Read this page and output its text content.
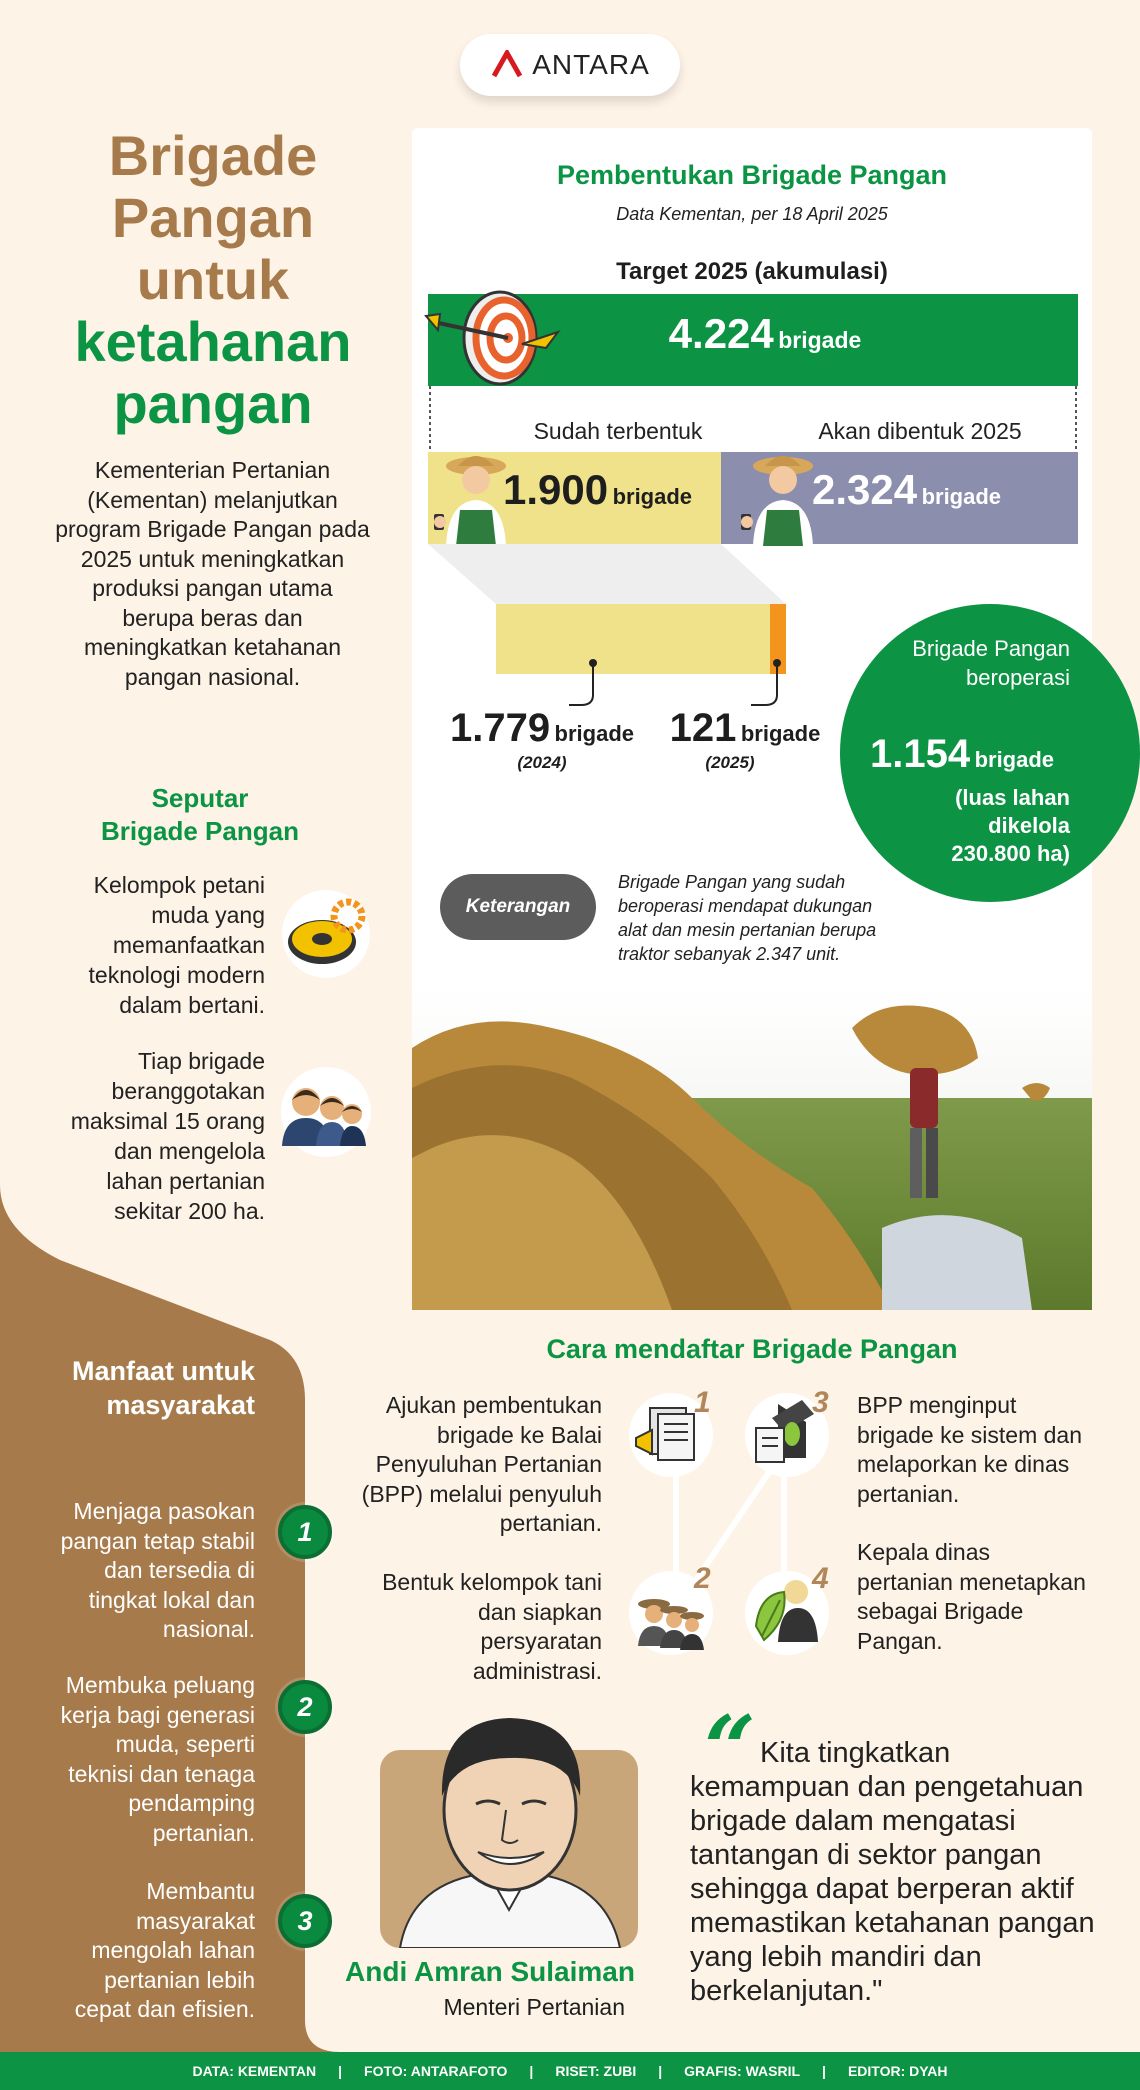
ANTARA
Brigade
Pangan
untuk
ketahanan
pangan
Kementerian Pertanian (Kementan) melanjutkan program Brigade Pangan pada 2025 untuk meningkatkan produksi pangan utama berupa beras dan meningkatkan ketahanan pangan nasional.
Seputar
Brigade Pangan
Kelompok petani muda yang memanfaatkan teknologi modern dalam bertani.
Tiap brigade beranggotakan maksimal 15 orang dan mengelola lahan pertanian sekitar 200 ha.
Manfaat untuk masyarakat
Menjaga pasokan pangan tetap stabil dan tersedia di tingkat lokal dan nasional.
1
Membuka peluang kerja bagi generasi muda, seperti teknisi dan tenaga pendamping pertanian.
2
Membantu masyarakat mengolah lahan pertanian lebih cepat dan efisien.
3
Pembentukan Brigade Pangan
Data Kementan, per 18 April 2025
Target 2025 (akumulasi)
4.224 brigade
Sudah terbentuk	Akan dibentuk 2025
1.900 brigade	2.324 brigade
1.779 brigade
(2024)
121 brigade
(2025)
Brigade Pangan beroperasi
1.154 brigade
(luas lahan dikelola 230.800 ha)
Keterangan
Brigade Pangan yang sudah beroperasi mendapat dukungan alat dan mesin pertanian berupa traktor sebanyak 2.347 unit.
Cara mendaftar Brigade Pangan
Ajukan pembentukan brigade ke Balai Penyuluhan Pertanian (BPP) melalui penyuluh pertanian.
1	3 BPP menginput brigade ke sistem dan melaporkan ke dinas pertanian.
Bentuk kelompok tani dan siapkan persyaratan administrasi.
2	4
Kepala dinas pertanian menetapkan sebagai Brigade Pangan.
Andi Amran Sulaiman
Menteri Pertanian
“ Kita tingkatkan kemampuan dan pengetahuan brigade dalam mengatasi tantangan di sektor pangan sehingga dapat berperan aktif memastikan ketahanan pangan yang lebih mandiri dan berkelanjutan."
DATA: KEMENTAN | FOTO: ANTARAFOTO | RISET: ZUBI | GRAFIS: WASRIL | EDITOR: DYAH
